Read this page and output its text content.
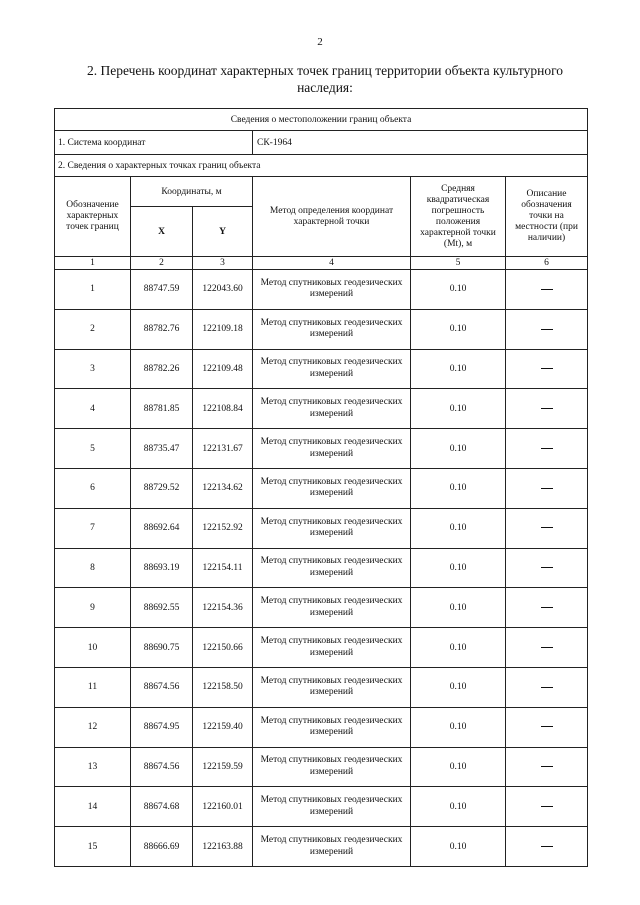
2
2. Перечень координат характерных точек границ территории объекта культурного наследия:
Сведения о местоположении границ объекта					
1. Система координат			СК-1964		
2. Сведения о характерных точках границ объекта					
Обозначение характерных точек границ	Координаты, м		Метод определения координат характерной точки	Средняя квадратическая погрешность положения характерной точки (Mt), м	Описание обозначения точки на местности (при наличии)
	X	Y			
1	2	3	4	5	6
1	88747.59	122043.60	Метод спутниковых геодезических измерений	0.10	
2	88782.76	122109.18	Метод спутниковых геодезических измерений	0.10	
3	88782.26	122109.48	Метод спутниковых геодезических измерений	0.10	
4	88781.85	122108.84	Метод спутниковых геодезических измерений	0.10	
5	88735.47	122131.67	Метод спутниковых геодезических измерений	0.10	
6	88729.52	122134.62	Метод спутниковых геодезических измерений	0.10	
7	88692.64	122152.92	Метод спутниковых геодезических измерений	0.10	
8	88693.19	122154.11	Метод спутниковых геодезических измерений	0.10	
9	88692.55	122154.36	Метод спутниковых геодезических измерений	0.10	
10	88690.75	122150.66	Метод спутниковых геодезических измерений	0.10	
11	88674.56	122158.50	Метод спутниковых геодезических измерений	0.10	
12	88674.95	122159.40	Метод спутниковых геодезических измерений	0.10	
13	88674.56	122159.59	Метод спутниковых геодезических измерений	0.10	
14	88674.68	122160.01	Метод спутниковых геодезических измерений	0.10	
15	88666.69	122163.88	Метод спутниковых геодезических измерений	0.10	
